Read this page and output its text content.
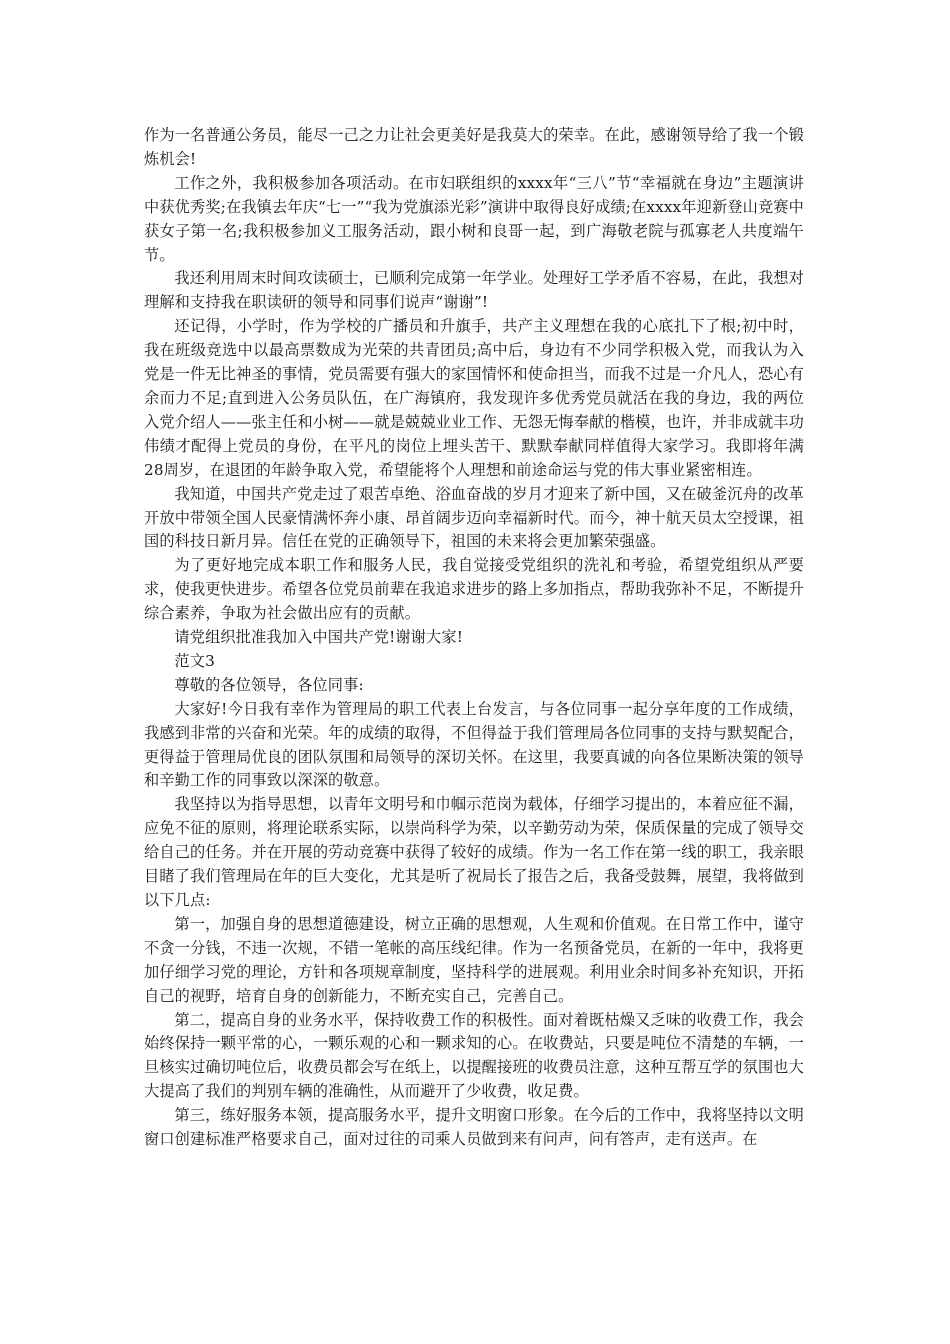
作为一名普通公务员，能尽一己之力让社会更美好是我莫大的荣幸。在此，感谢领导给了我一个锻炼机会!

工作之外，我积极参加各项活动。在市妇联组织的xxxx年“三八”节“幸福就在身边”主题演讲中获优秀奖;在我镇去年庆“七一”“我为党旗添光彩”演讲中取得良好成绩;在xxxx年迎新登山竞赛中获女子第一名;我积极参加义工服务活动，跟小树和良哥一起，到广海敬老院与孤寡老人共度端午节。

我还利用周末时间攻读硕士，已顺利完成第一年学业。处理好工学矛盾不容易，在此，我想对理解和支持我在职读研的领导和同事们说声“谢谢”!

还记得，小学时，作为学校的广播员和升旗手，共产主义理想在我的心底扎下了根;初中时，我在班级竞选中以最高票数成为光荣的共青团员;高中后，身边有不少同学积极入党，而我认为入党是一件无比神圣的事情，党员需要有强大的家国情怀和使命担当，而我不过是一介凡人，恐心有余而力不足;直到进入公务员队伍，在广海镇府，我发现许多优秀党员就活在我的身边，我的两位入党介绍人——张主任和小树——就是兢兢业业工作、无怨无悔奉献的楷模，也许，并非成就丰功伟绩才配得上党员的身份，在平凡的岗位上埋头苦干、默默奉献同样值得大家学习。我即将年满28周岁，在退团的年龄争取入党，希望能将个人理想和前途命运与党的伟大事业紧密相连。

我知道，中国共产党走过了艰苦卓绝、浴血奋战的岁月才迎来了新中国，又在破釜沉舟的改革开放中带领全国人民豪情满怀奔小康、昂首阔步迈向幸福新时代。而今，神十航天员太空授课，祖国的科技日新月异。信任在党的正确领导下，祖国的未来将会更加繁荣强盛。

为了更好地完成本职工作和服务人民，我自觉接受党组织的洗礼和考验，希望党组织从严要求，使我更快进步。希望各位党员前辈在我追求进步的路上多加指点，帮助我弥补不足，不断提升综合素养，争取为社会做出应有的贡献。

请党组织批准我加入中国共产党!谢谢大家!

范文3

尊敬的各位领导，各位同事:

大家好!今日我有幸作为管理局的职工代表上台发言，与各位同事一起分享年度的工作成绩，我感到非常的兴奋和光荣。年的成绩的取得，不但得益于我们管理局各位同事的支持与默契配合，更得益于管理局优良的团队氛围和局领导的深切关怀。在这里，我要真诚的向各位果断决策的领导和辛勤工作的同事致以深深的敬意。

我坚持以为指导思想，以青年文明号和巾帼示范岗为载体，仔细学习提出的，本着应征不漏，应免不征的原则，将理论联系实际，以崇尚科学为荣，以辛勤劳动为荣，保质保量的完成了领导交给自己的任务。并在开展的劳动竞赛中获得了较好的成绩。作为一名工作在第一线的职工，我亲眼目睹了我们管理局在年的巨大变化，尤其是听了祝局长了报告之后，我备受鼓舞，展望，我将做到以下几点:

第一，加强自身的思想道德建设，树立正确的思想观，人生观和价值观。在日常工作中，谨守不贪一分钱，不违一次规，不错一笔帐的高压线纪律。作为一名预备党员，在新的一年中，我将更加仔细学习党的理论，方针和各项规章制度，坚持科学的进展观。利用业余时间多补充知识，开拓自己的视野，培育自身的创新能力，不断充实自己，完善自己。

第二，提高自身的业务水平，保持收费工作的积极性。面对着既枯燥又乏味的收费工作，我会始终保持一颗平常的心，一颗乐观的心和一颗求知的心。在收费站，只要是吨位不清楚的车辆，一旦核实过确切吨位后，收费员都会写在纸上，以提醒接班的收费员注意，这种互帮互学的氛围也大大提高了我们的判别车辆的准确性，从而避开了少收费，收足费。

第三，练好服务本领，提高服务水平，提升文明窗口形象。在今后的工作中，我将坚持以文明窗口创建标准严格要求自己，面对过往的司乘人员做到来有问声，问有答声，走有送声。在
